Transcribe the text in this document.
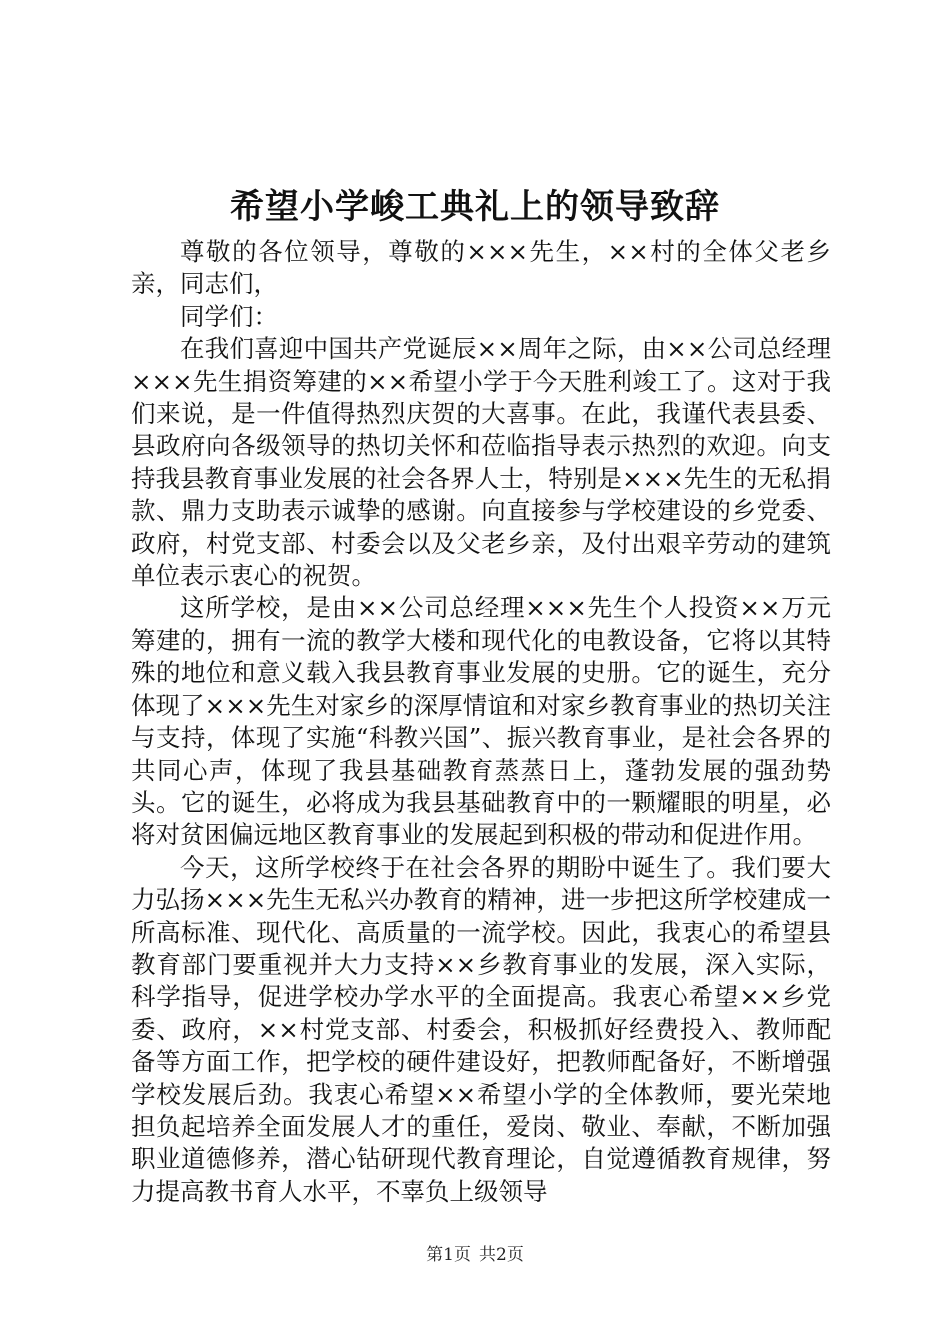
希望小学峻工典礼上的领导致辞

尊敬的各位领导，尊敬的×××先生，××村的全体父老乡亲，同志们，

同学们：

在我们喜迎中国共产党诞辰××周年之际，由××公司总经理×××先生捐资筹建的××希望小学于今天胜利竣工了。这对于我们来说，是一件值得热烈庆贺的大喜事。在此，我谨代表县委、县政府向各级领导的热切关怀和莅临指导表示热烈的欢迎。向支持我县教育事业发展的社会各界人士，特别是×××先生的无私捐款、鼎力支助表示诚挚的感谢。向直接参与学校建设的乡党委、政府，村党支部、村委会以及父老乡亲，及付出艰辛劳动的建筑单位表示衷心的祝贺。

这所学校，是由××公司总经理×××先生个人投资××万元筹建的，拥有一流的教学大楼和现代化的电教设备，它将以其特殊的地位和意义载入我县教育事业发展的史册。它的诞生，充分体现了×××先生对家乡的深厚情谊和对家乡教育事业的热切关注与支持，体现了实施“科教兴国”、振兴教育事业，是社会各界的共同心声，体现了我县基础教育蒸蒸日上，蓬勃发展的强劲势头。它的诞生，必将成为我县基础教育中的一颗耀眼的明星，必将对贫困偏远地区教育事业的发展起到积极的带动和促进作用。

今天，这所学校终于在社会各界的期盼中诞生了。我们要大力弘扬×××先生无私兴办教育的精神，进一步把这所学校建成一所高标准、现代化、高质量的一流学校。因此，我衷心的希望县教育部门要重视并大力支持××乡教育事业的发展，深入实际，科学指导，促进学校办学水平的全面提高。我衷心希望××乡党委、政府，××村党支部、村委会，积极抓好经费投入、教师配备等方面工作，把学校的硬件建设好，把教师配备好，不断增强学校发展后劲。我衷心希望××希望小学的全体教师，要光荣地担负起培养全面发展人才的重任，爱岗、敬业、奉献，不断加强职业道德修养，潜心钻研现代教育理论，自觉遵循教育规律，努力提高教书育人水平，不辜负上级领导

第1页 共2页
